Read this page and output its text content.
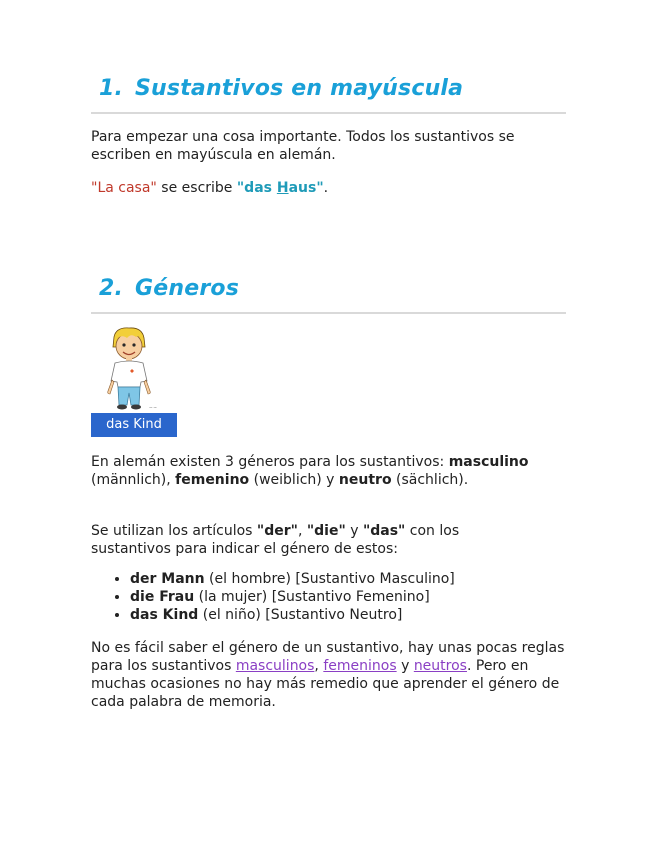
1. Sustantivos en mayúscula

Para empezar una cosa importante. Todos los sustantivos se escriben en mayúscula en alemán.

"La casa" se escribe "das Haus".

2. Géneros
~·~
das Kind

En alemán existen 3 géneros para los sustantivos: masculino (männlich), femenino (weiblich) y neutro (sächlich).

Se utilizan los artículos "der", "die" y "das" con los sustantivos para indicar el género de estos:

• der Mann (el hombre) [Sustantivo Masculino]
• die Frau (la mujer) [Sustantivo Femenino]
• das Kind (el niño) [Sustantivo Neutro]

No es fácil saber el género de un sustantivo, hay unas pocas reglas para los sustantivos masculinos, femeninos y neutros. Pero en muchas ocasiones no hay más remedio que aprender el género de cada palabra de memoria.
